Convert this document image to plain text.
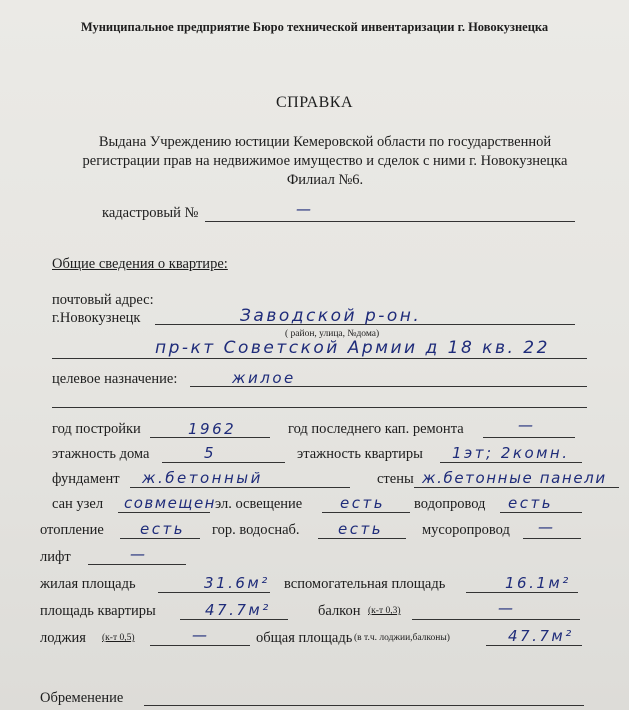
Муниципальное предприятие Бюро технической инвентаризации г. Новокузнецка
СПРАВКА
Выдана Учреждению юстиции Кемеровской области по государственной регистрации прав на недвижимое имущество и сделок с ними г. Новокузнецка Филиал №6.
кадастровый №	—
Общие сведения о квартире:
почтовый адрес:
г.Новокузнецк	Заводской р-он.
( район, улица, №дома)
пр-кт Советской Армии д 18 кв. 22
целевое назначение:	жилое
год постройки	1962	год последнего кап. ремонта	—
этажность дома	5	этажность квартиры 1эт; 2комн.
фундамент ж.бетонный	стены ж.бетонные панели
сан узел совмещен эл. освещение	есть водопровод есть
отопление есть гор. водоснаб.	есть	мусоропровод —
лифт	—
жилая площадь	31.6м² вспомогательная площадь	16.1м²
площадь квартиры	47.7м²	балкон (к-т 0,3)	—
лоджия (к-т 0,5)	—	общая площадь (в т.ч. лоджии,балконы)	47.7м²
Обременение
